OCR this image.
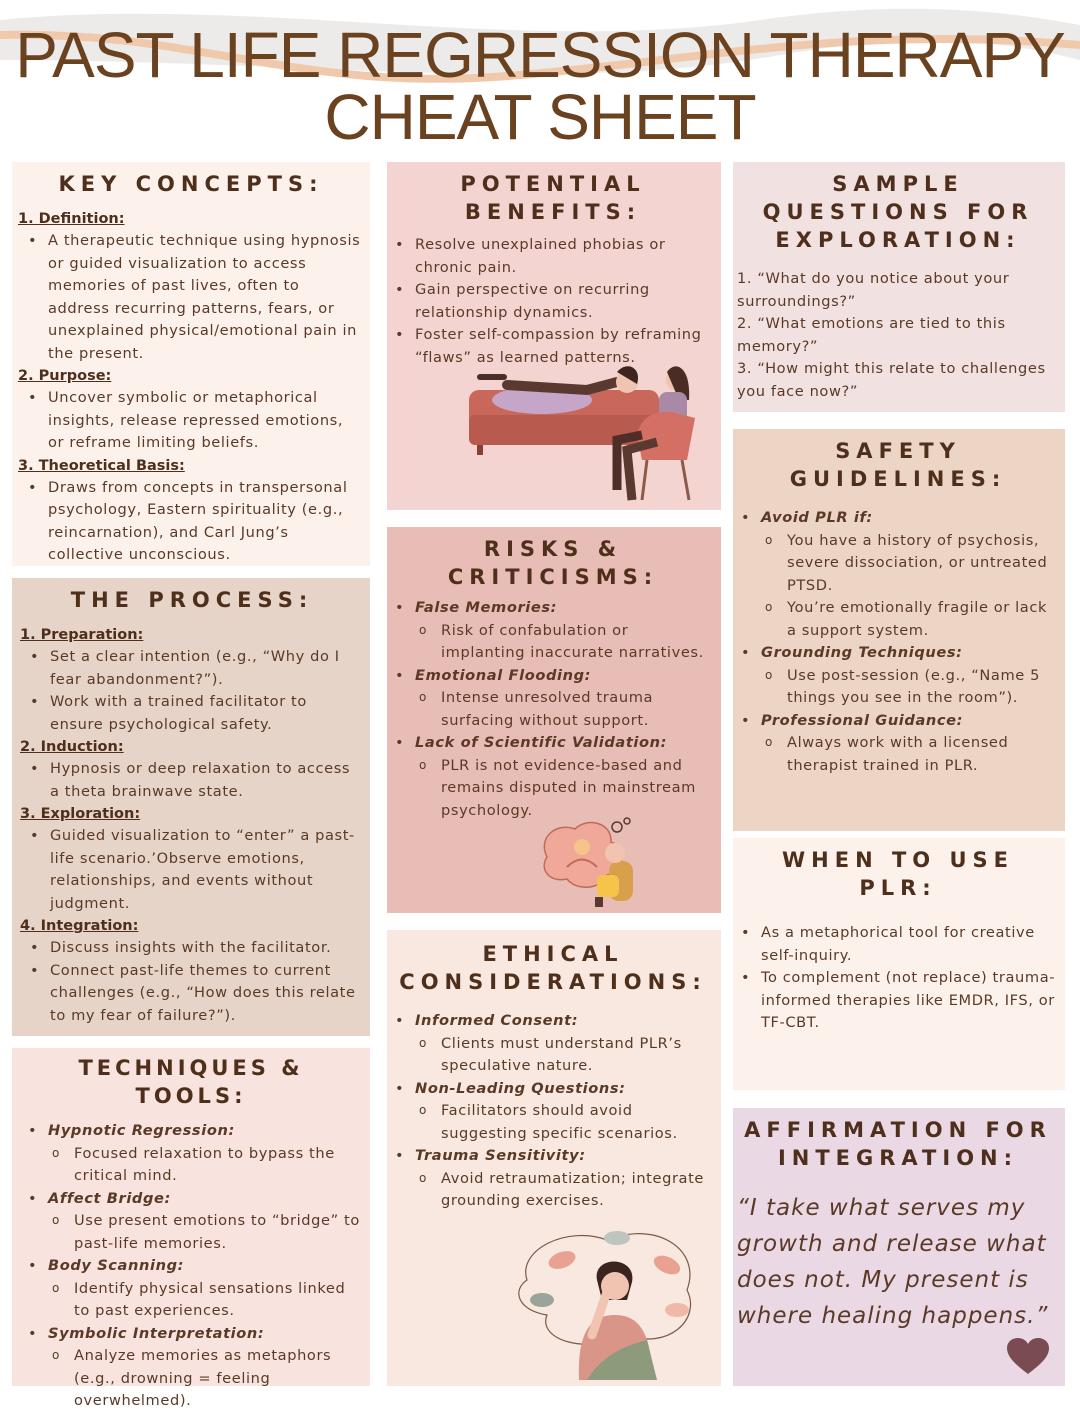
PAST LIFE REGRESSION THERAPY
CHEAT SHEET
KEY CONCEPTS:

1. Definition:

• A therapeutic technique using hypnosis or guided visualization to access memories of past lives, often to address recurring patterns, fears, or unexplained physical/emotional pain in the present.

2. Purpose:

• Uncover symbolic or metaphorical insights, release repressed emotions, or reframe limiting beliefs.

3. Theoretical Basis:

• Draws from concepts in transpersonal psychology, Eastern spirituality (e.g., reincarnation), and Carl Jung’s collective unconscious.
THE PROCESS:

1. Preparation:

• Set a clear intention (e.g., “Why do I fear abandonment?”).
• Work with a trained facilitator to ensure psychological safety.

2. Induction:

• Hypnosis or deep relaxation to access a theta brainwave state.

3. Exploration:

• Guided visualization to “enter” a past-life scenario.’Observe emotions, relationships, and events without judgment.

4. Integration:

• Discuss insights with the facilitator.
• Connect past-life themes to current challenges (e.g., “How does this relate to my fear of failure?”).
TECHNIQUES & TOOLS:
• Hypnotic Regression:
o Focused relaxation to bypass the critical mind.
• Affect Bridge:
o Use present emotions to “bridge” to past-life memories.
• Body Scanning:
o Identify physical sensations linked to past experiences.
• Symbolic Interpretation:
o Analyze memories as metaphors (e.g., drowning = feeling overwhelmed).
POTENTIAL BENEFITS:
• Resolve unexplained phobias or chronic pain.
• Gain perspective on recurring relationship dynamics.
• Foster self-compassion by reframing “flaws” as learned patterns.
RISKS & CRITICISMS:
• False Memories:
o Risk of confabulation or implanting inaccurate narratives.
• Emotional Flooding:
o Intense unresolved trauma surfacing without support.
• Lack of Scientific Validation:
o PLR is not evidence-based and remains disputed in mainstream psychology.
ETHICAL CONSIDERATIONS:
• Informed Consent:
o Clients must understand PLR’s speculative nature.
• Non-Leading Questions:
o Facilitators should avoid suggesting specific scenarios.
• Trauma Sensitivity:
o Avoid retraumatization; integrate grounding exercises.
SAMPLE QUESTIONS FOR EXPLORATION:

1. “What do you notice about your surroundings?”

2. “What emotions are tied to this memory?”

3. “How might this relate to challenges you face now?”

SAFETY GUIDELINES:
• Avoid PLR if:
o You have a history of psychosis, severe dissociation, or untreated PTSD.
o You’re emotionally fragile or lack a support system.
• Grounding Techniques:
o Use post-session (e.g., “Name 5 things you see in the room”).
• Professional Guidance:
o Always work with a licensed therapist trained in PLR.
WHEN TO USE PLR:
• As a metaphorical tool for creative self-inquiry.
• To complement (not replace) trauma-informed therapies like EMDR, IFS, or TF-CBT.
AFFIRMATION FOR INTEGRATION:

“I take what serves my growth and release what does not. My present is where healing happens.”
